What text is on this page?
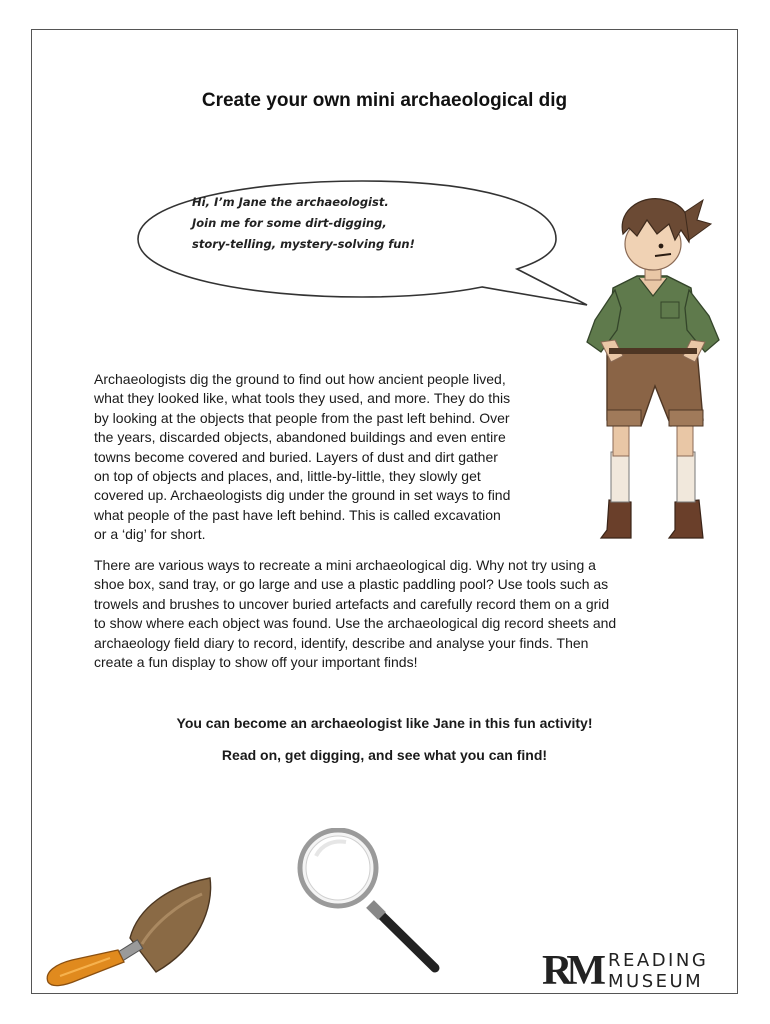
Create your own mini archaeological dig
Hi, I’m Jane the archaeologist.
Join me for some dirt-digging,
story-telling, mystery-solving fun!
Archaeologists dig the ground to find out how ancient people lived,
what they looked like, what tools they used, and more. They do this
by looking at the objects that people from the past left behind. Over
the years, discarded objects, abandoned buildings and even entire
towns become covered and buried. Layers of dust and dirt gather
on top of objects and places, and, little-by-little, they slowly get
covered up. Archaeologists dig under the ground in set ways to find
what people of the past have left behind. This is called excavation
or a ‘dig’ for short.
There are various ways to recreate a mini archaeological dig. Why not try using a
shoe box, sand tray, or go large and use a plastic paddling pool? Use tools such as
trowels and brushes to uncover buried artefacts and carefully record them on a grid
to show where each object was found. Use the archaeological dig record sheets and
archaeology field diary to record, identify, describe and analyse your finds. Then
create a fun display to show off your important finds!
You can become an archaeologist like Jane in this fun activity!
Read on, get digging, and see what you can find!
RM READING
MUSEUM
